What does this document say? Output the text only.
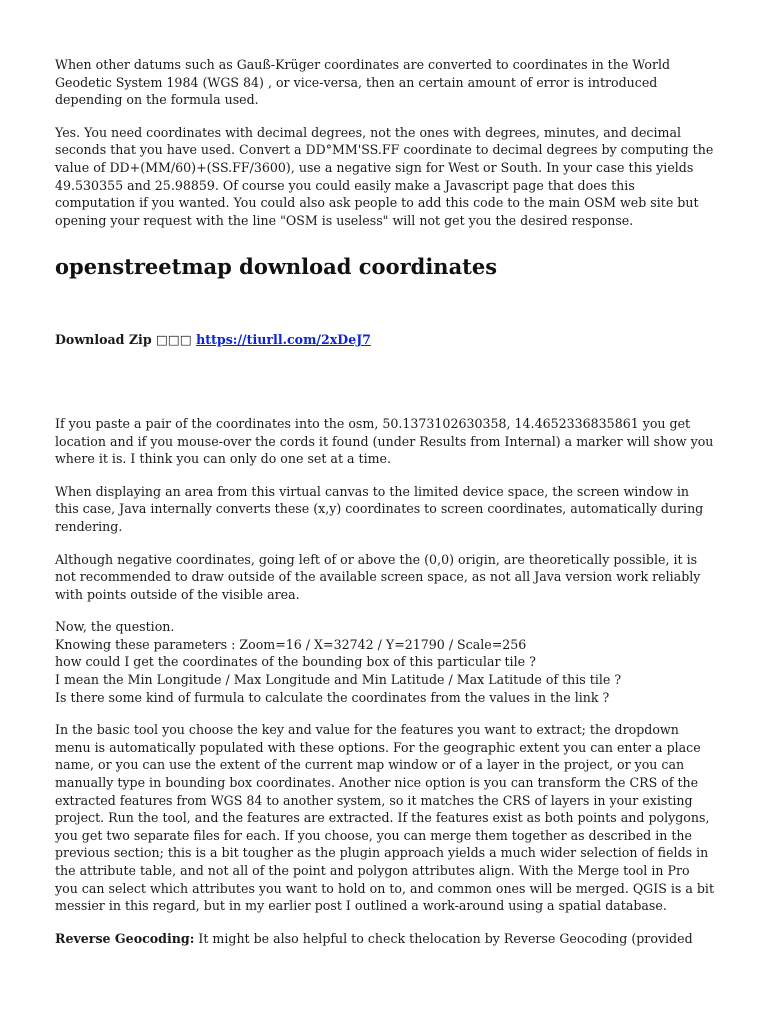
When other datums such as Gauß-Krüger coordinates are converted to coordinates in the World Geodetic System 1984 (WGS 84) , or vice-versa, then an certain amount of error is introduced depending on the formula used.

Yes. You need coordinates with decimal degrees, not the ones with degrees, minutes, and decimal seconds that you have used. Convert a DD°MM'SS.FF coordinate to decimal degrees by computing the value of DD+(MM/60)+(SS.FF/3600), use a negative sign for West or South. In your case this yields 49.530355 and 25.98859. Of course you could easily make a Javascript page that does this computation if you wanted. You could also ask people to add this code to the main OSM web site but opening your request with the line "OSM is useless" will not get you the desired response.

openstreetmap download coordinates

Download Zip □□□ https://tiurll.com/2xDeJ7

If you paste a pair of the coordinates into the osm, 50.1373102630358, 14.4652336835861 you get location and if you mouse-over the cords it found (under Results from Internal) a marker will show you where it is. I think you can only do one set at a time.

When displaying an area from this virtual canvas to the limited device space, the screen window in this case, Java internally converts these (x,y) coordinates to screen coordinates, automatically during rendering.

Although negative coordinates, going left of or above the (0,0) origin, are theoretically possible, it is not recommended to draw outside of the available screen space, as not all Java version work reliably with points outside of the visible area.

Now, the question.

Knowing these parameters : Zoom=16 / X=32742 / Y=21790 / Scale=256

how could I get the coordinates of the bounding box of this particular tile ?

I mean the Min Longitude / Max Longitude and Min Latitude / Max Latitude of this tile ?

Is there some kind of furmula to calculate the coordinates from the values in the link ?

In the basic tool you choose the key and value for the features you want to extract; the dropdown menu is automatically populated with these options. For the geographic extent you can enter a place name, or you can use the extent of the current map window or of a layer in the project, or you can manually type in bounding box coordinates. Another nice option is you can transform the CRS of the extracted features from WGS 84 to another system, so it matches the CRS of layers in your existing project. Run the tool, and the features are extracted. If the features exist as both points and polygons, you get two separate files for each. If you choose, you can merge them together as described in the previous section; this is a bit tougher as the plugin approach yields a much wider selection of fields in the attribute table, and not all of the point and polygon attributes align. With the Merge tool in Pro you can select which attributes you want to hold on to, and common ones will be merged. QGIS is a bit messier in this regard, but in my earlier post I outlined a work-around using a spatial database.

Reverse Geocoding: It might be also helpful to check thelocation by Reverse Geocoding (provided
